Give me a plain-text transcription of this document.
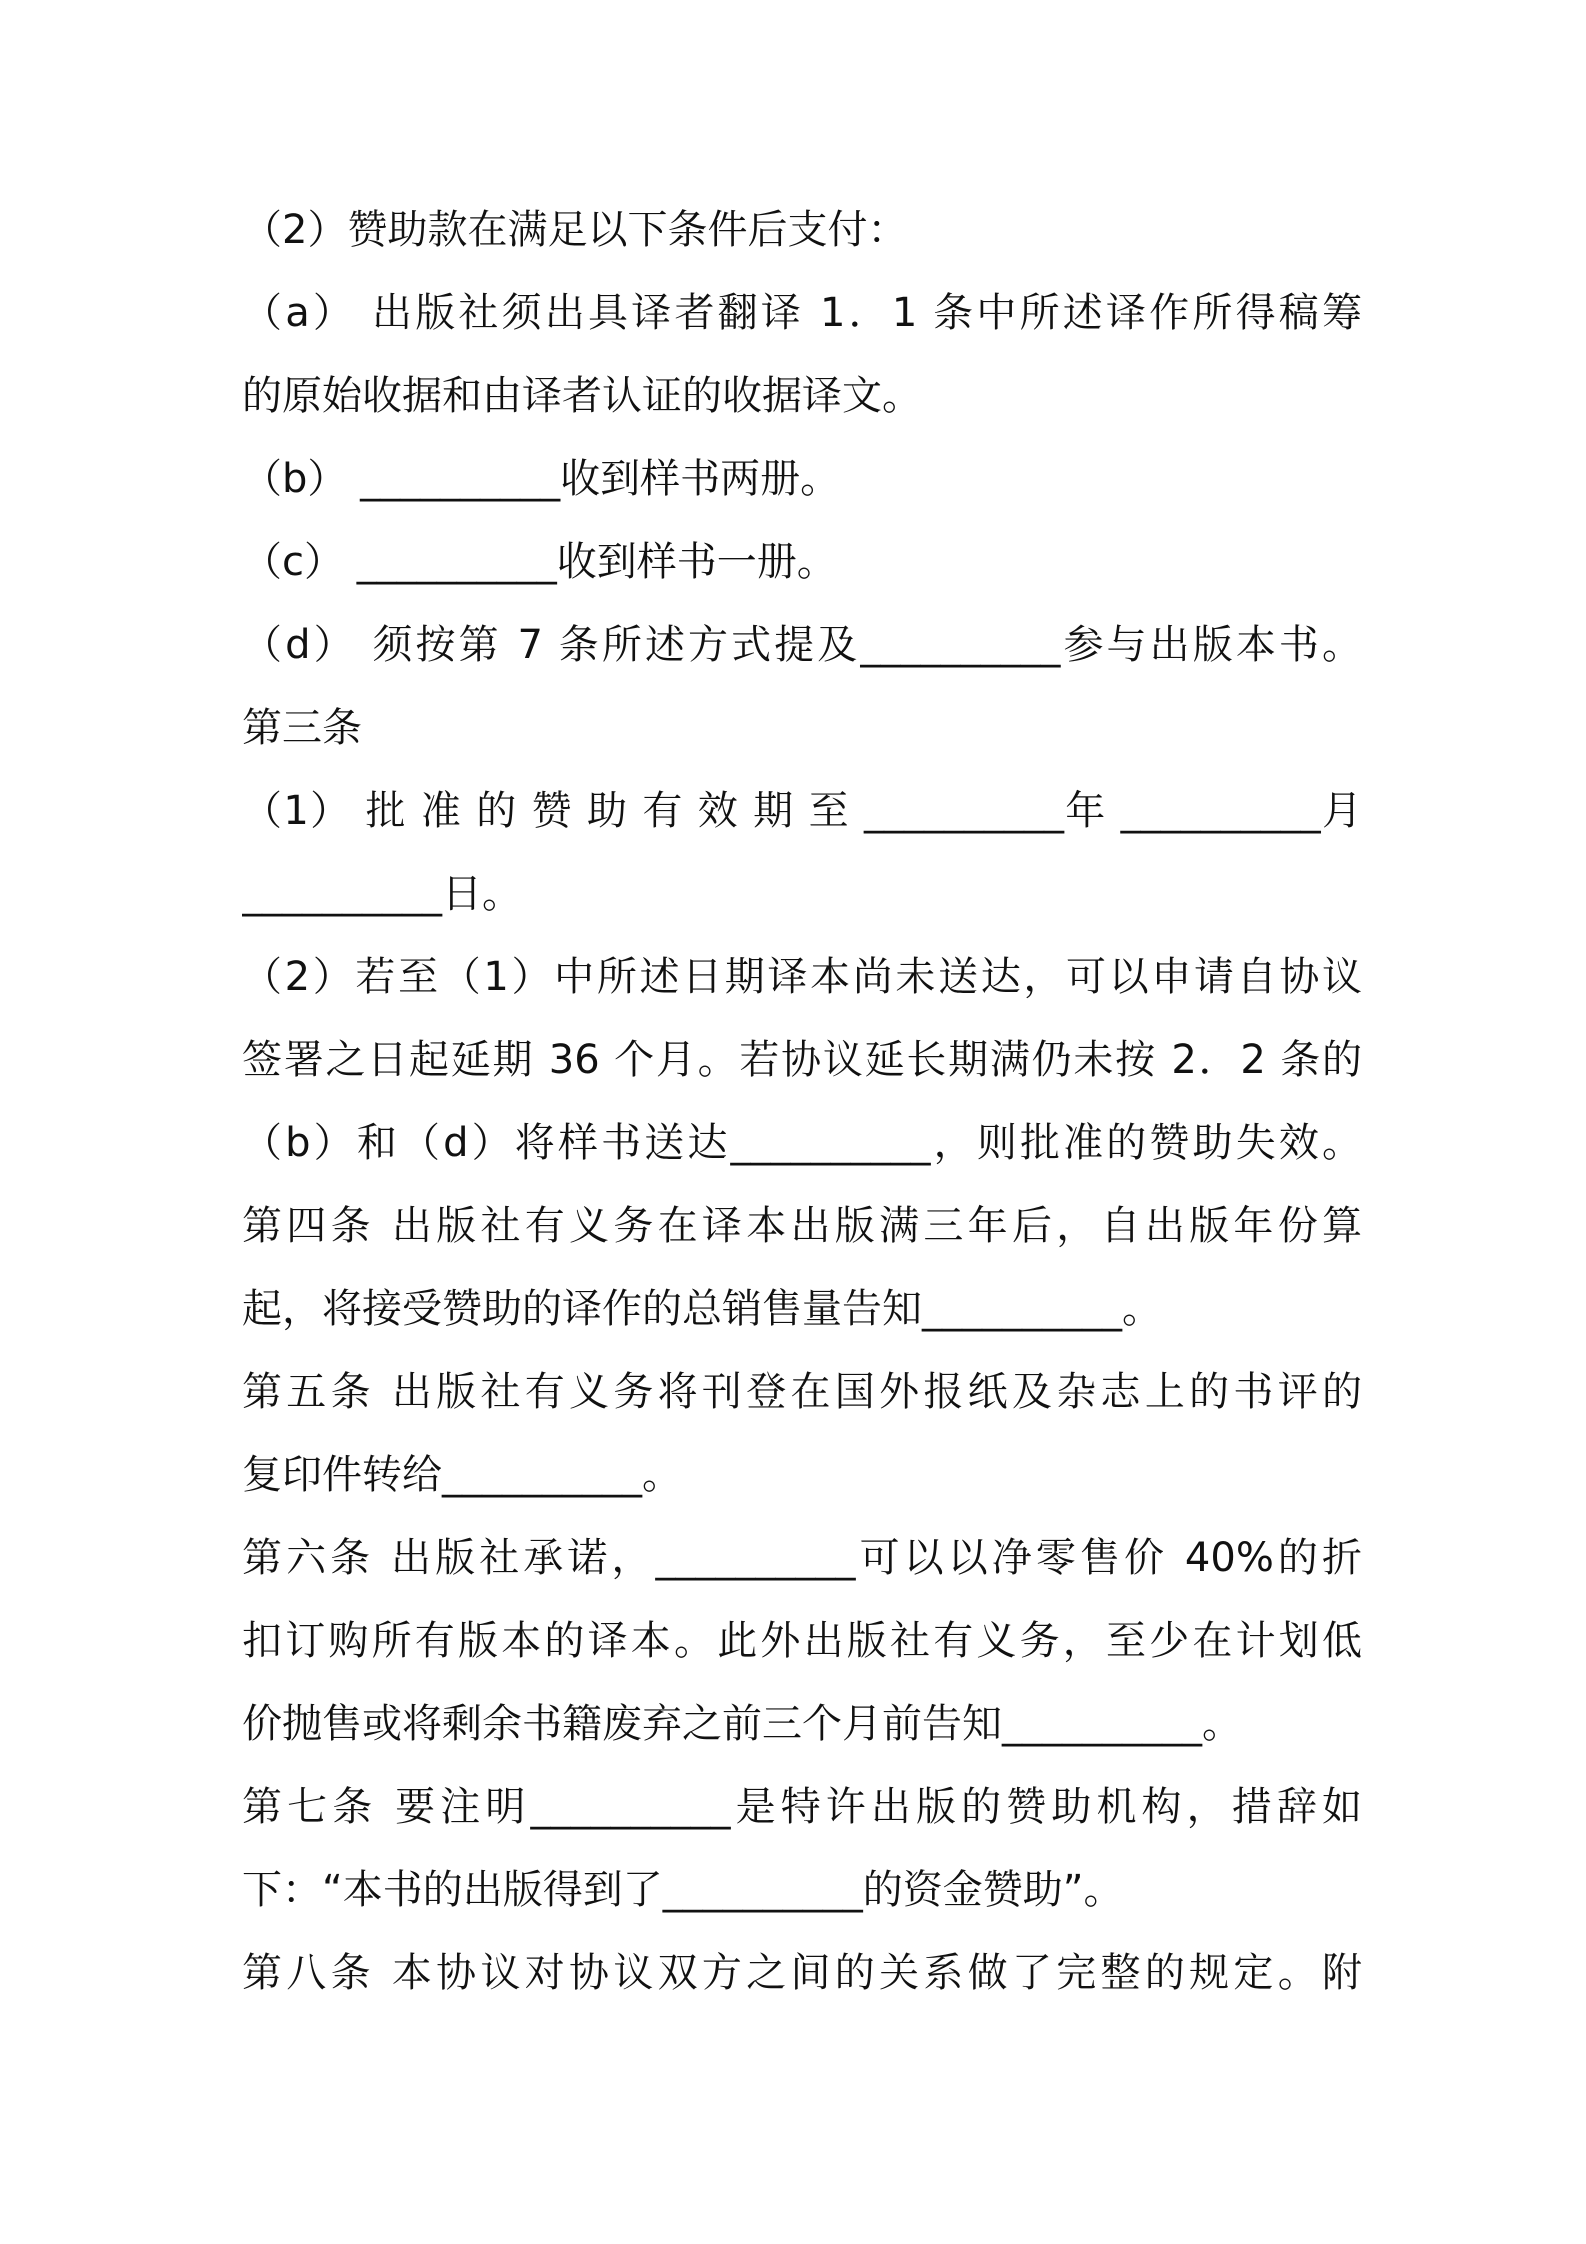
（2）赞助款在满足以下条件后支付：
（a） 出版社须出具译者翻译 1．1 条中所述译作所得稿筹
的原始收据和由译者认证的收据译文。
（b） __________收到样书两册。
（c） __________收到样书一册。
（d） 须按第 7 条所述方式提及__________参与出版本书。
第三条
（1） 批 准 的 赞 助 有 效 期 至 __________年 __________月
__________日。
（2）若至（1）中所述日期译本尚未送达，可以申请自协议
签署之日起延期 36 个月。若协议延长期满仍未按 2．2 条的
（b）和（d）将样书送达__________，则批准的赞助失效。
第四条 出版社有义务在译本出版满三年后，自出版年份算
起，将接受赞助的译作的总销售量告知__________。
第五条 出版社有义务将刊登在国外报纸及杂志上的书评的
复印件转给__________。
第六条 出版社承诺，__________可以以净零售价 40%的折
扣订购所有版本的译本。此外出版社有义务，至少在计划低
价抛售或将剩余书籍废弃之前三个月前告知__________。
第七条 要注明__________是特许出版的赞助机构，措辞如
下：“本书的出版得到了__________的资金赞助”。
第八条 本协议对协议双方之间的关系做了完整的规定。附
